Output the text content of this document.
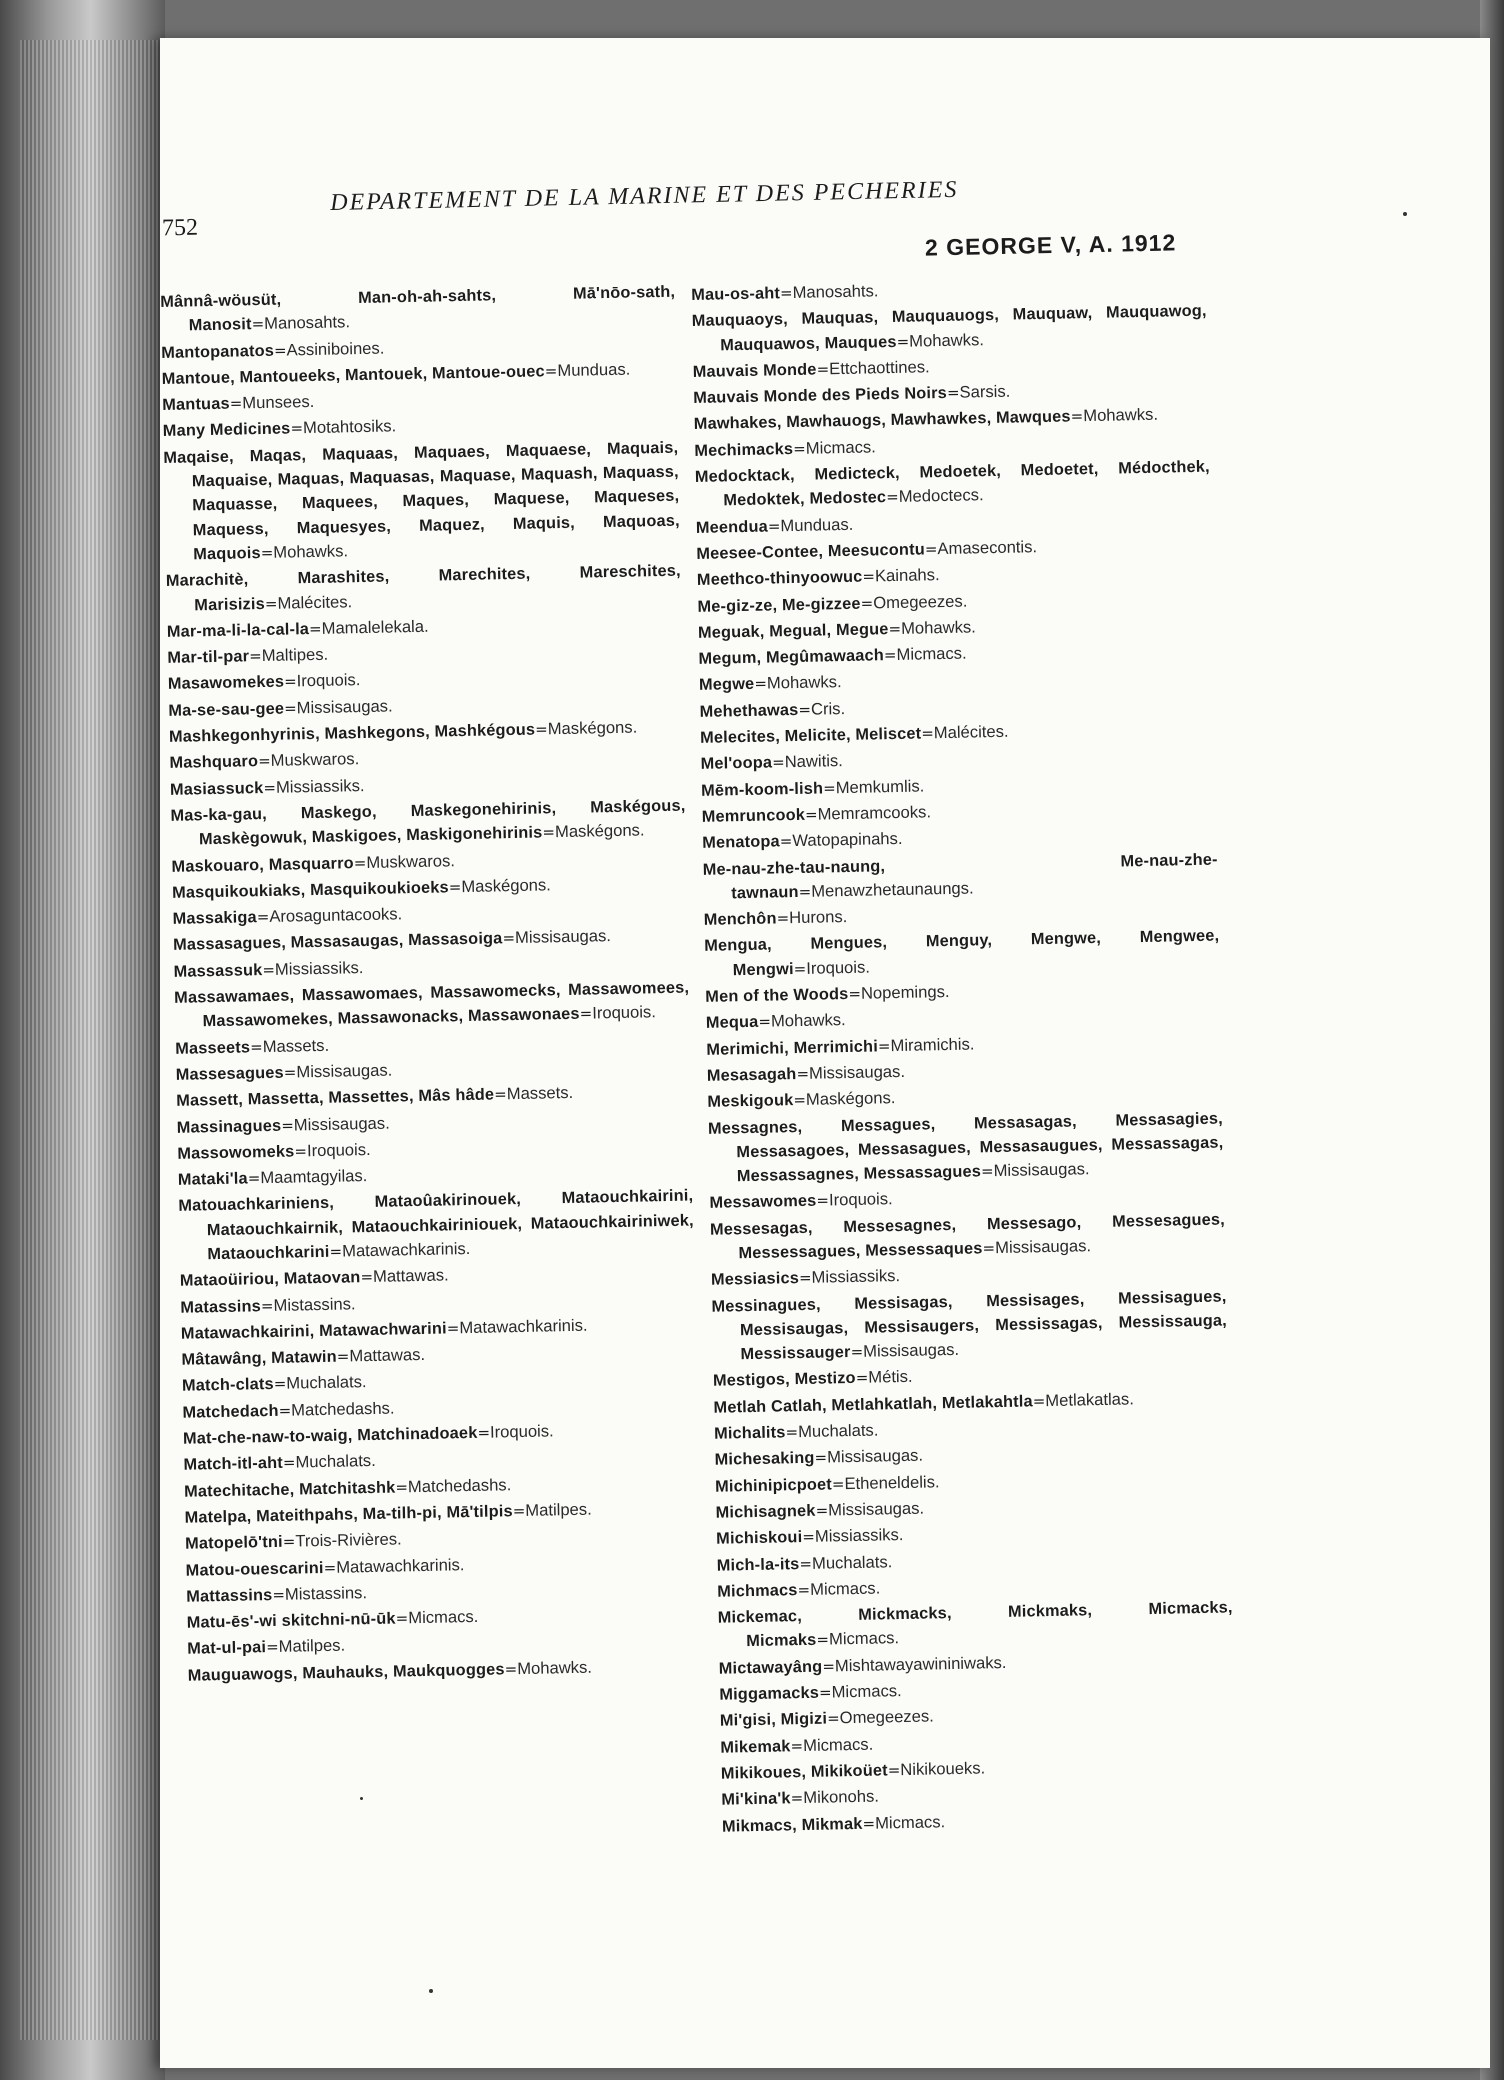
752
DEPARTEMENT DE LA MARINE ET DES PECHERIES
2 GEORGE V, A. 1912

Mânnâ-wöusüt, Man-oh-ah-sahts, Mā'nōo-sath, Manosit=Manosahts.

Mantopanatos=Assiniboines.

Mantoue, Mantoueeks, Mantouek, Mantoue-ouec=Munduas.

Mantuas=Munsees.

Many Medicines=Motahtosiks.

Maqaise, Maqas, Maquaas, Maquaes, Maquaese, Maquais, Maquaise, Maquas, Maquasas, Maquase, Maquash, Maquass, Maquasse, Maquees, Maques, Maquese, Maqueses, Maquess, Maquesyes, Maquez, Maquis, Maquoas, Maquois=Mohawks.

Marachitè, Marashites, Marechites, Mareschites, Marisizis=Malécites.

Mar-ma-li-la-cal-la=Mamalelekala.

Mar-til-par=Maltipes.

Masawomekes=Iroquois.

Ma-se-sau-gee=Missisaugas.

Mashkegonhyrinis, Mashkegons, Mashkégous=Maskégons.

Mashquaro=Muskwaros.

Masiassuck=Missiassiks.

Mas-ka-gau, Maskego, Maskegonehirinis, Maskégous, Maskègowuk, Maskigoes, Maskigonehirinis=Maskégons.

Maskouaro, Masquarro=Muskwaros.

Masquikoukiaks, Masquikoukioeks=Maskégons.

Massakiga=Arosaguntacooks.

Massasagues, Massasaugas, Massasoiga=Missisaugas.

Massassuk=Missiassiks.

Massawamaes, Massawomaes, Massawomecks, Massawomees, Massawomekes, Massawonacks, Massawonaes=Iroquois.

Masseets=Massets.

Massesagues=Missisaugas.

Massett, Massetta, Massettes, Mâs hâde=Massets.

Massinagues=Missisaugas.

Massowomeks=Iroquois.

Mataki'la=Maamtagyilas.

Matouachkariniens, Mataoûakirinouek, Mataouchkairini, Mataouchkairnik, Mataouchkairiniouek, Mataouchkairiniwek, Mataouchkarini=Matawachkarinis.

Mataoüiriou, Mataovan=Mattawas.

Matassins=Mistassins.

Matawachkairini, Matawachwarini=Matawachkarinis.

Mâtawâng, Matawin=Mattawas.

Match-clats=Muchalats.

Matchedach=Matchedashs.

Mat-che-naw-to-waig, Matchinadoaek=Iroquois.

Match-itl-aht=Muchalats.

Matechitache, Matchitashk=Matchedashs.

Matelpa, Mateithpahs, Ma-tilh-pi, Mā'tilpis=Matilpes.

Matopelō'tni=Trois-Rivières.

Matou-ouescarini=Matawachkarinis.

Mattassins=Mistassins.

Matu-ēs'-wi skitchni-nū-ūk=Micmacs.

Mat-ul-pai=Matilpes.

Mauguawogs, Mauhauks, Maukquogges=Mohawks.

Mau-os-aht=Manosahts.

Mauquaoys, Mauquas, Mauquauogs, Mauquaw, Mauquawog, Mauquawos, Mauques=Mohawks.

Mauvais Monde=Ettchaottines.

Mauvais Monde des Pieds Noirs=Sarsis.

Mawhakes, Mawhauogs, Mawhawkes, Mawques=Mohawks.

Mechimacks=Micmacs.

Medocktack, Medicteck, Medoetek, Medoetet, Médocthek, Medoktek, Medostec=Medoctecs.

Meendua=Munduas.

Meesee-Contee, Meesucontu=Amasecontis.

Meethco-thinyoowuc=Kainahs.

Me-giz-ze, Me-gizzee=Omegeezes.

Meguak, Megual, Megue=Mohawks.

Megum, Megûmawaach=Micmacs.

Megwe=Mohawks.

Mehethawas=Cris.

Melecites, Melicite, Meliscet=Malécites.

Mel'oopa=Nawitis.

Mēm-koom-lish=Memkumlis.

Memruncook=Memramcooks.

Menatopa=Watopapinahs.

Me-nau-zhe-tau-naung, Me-nau-zhe-tawnaun=Menawzhetaunaungs.

Menchôn=Hurons.

Mengua, Mengues, Menguy, Mengwe, Mengwee, Mengwi=Iroquois.

Men of the Woods=Nopemings.

Mequa=Mohawks.

Merimichi, Merrimichi=Miramichis.

Mesasagah=Missisaugas.

Meskigouk=Maskégons.

Messagnes, Messagues, Messasagas, Messasagies, Messasagoes, Messasagues, Messasaugues, Messassagas, Messassagnes, Messassagues=Missisaugas.

Messawomes=Iroquois.

Messesagas, Messesagnes, Messesago, Messesagues, Messessagues, Messessaques=Missisaugas.

Messiasics=Missiassiks.

Messinagues, Messisagas, Messisages, Messisagues, Messisaugas, Messisaugers, Messissagas, Messissauga, Messissauger=Missisaugas.

Mestigos, Mestizo=Métis.

Metlah Catlah, Metlahkatlah, Metlakahtla=Metlakatlas.

Michalits=Muchalats.

Michesaking=Missisaugas.

Michinipicpoet=Etheneldelis.

Michisagnek=Missisaugas.

Michiskoui=Missiassiks.

Mich-la-its=Muchalats.

Michmacs=Micmacs.

Mickemac, Mickmacks, Mickmaks, Micmacks, Micmaks=Micmacs.

Mictawayâng=Mishtawayawininiwaks.

Miggamacks=Micmacs.

Mi'gisi, Migizi=Omegeezes.

Mikemak=Micmacs.

Mikikoues, Mikikoüet=Nikikoueks.

Mi'kina'k=Mikonohs.

Mikmacs, Mikmak=Micmacs.
